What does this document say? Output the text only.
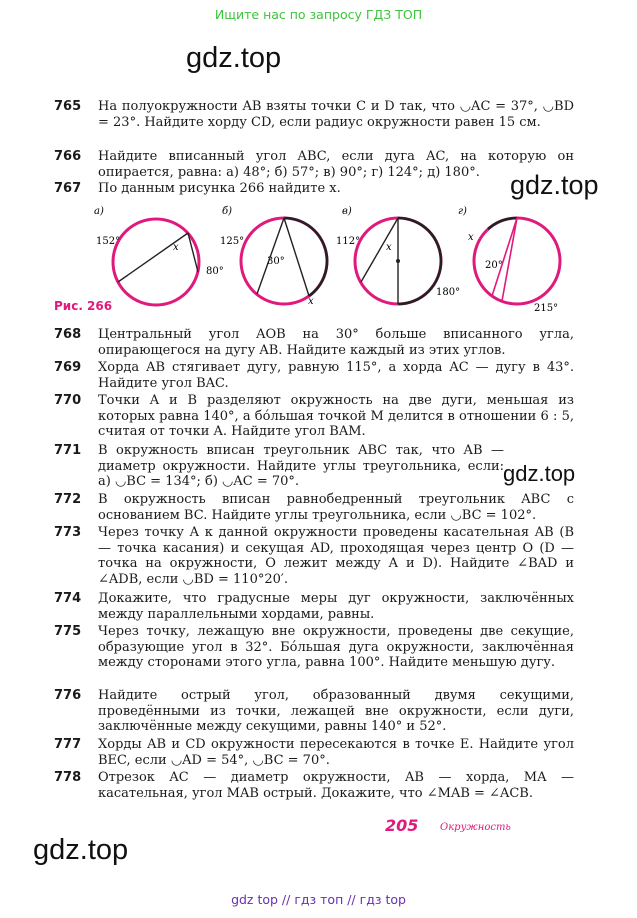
Ищите нас по запросу ГДЗ ТОП
gdz.top
gdz.top
gdz.top
gdz.top
765 На полуокружности AB взяты точки C и D так, что ◡AC = 37°, ◡BD = 23°. Найдите хорду CD, если радиус окружности равен 15 см.
766 Найдите вписанный угол ABC, если дуга AC, на которую он опирается, равна: а) 48°; б) 57°; в) 90°; г) 124°; д) 180°.
767 По данным рисунка 266 найдите x.
а)
152°
x
80°
б)
125°
30°
x
в)
112°
x
180°
г)
x
20°
215°
Рис. 266
768 Центральный угол AOB на 30° больше вписанного угла, опирающегося на дугу AB. Найдите каждый из этих углов.
769 Хорда AB стягивает дугу, равную 115°, а хорда AC — дугу в 43°. Найдите угол BAC.
770 Точки A и B разделяют окружность на две дуги, меньшая из которых равна 140°, а бóльшая точкой M делится в отношении 6 : 5, считая от точки A. Найдите угол BAM.
771 В окружность вписан треугольник ABC так, что AB — диаметр окружности. Найдите углы треугольника, если: а) ◡BC = 134°; б) ◡AC = 70°.
772 В окружность вписан равнобедренный треугольник ABC с основанием BC. Найдите углы треугольника, если ◡BC = 102°.
773 Через точку A к данной окружности проведены касательная AB (B — точка касания) и секущая AD, проходящая через центр O (D — точка на окружности, O лежит между A и D). Найдите ∠BAD и ∠ADB, если ◡BD = 110°20′.
774 Докажите, что градусные меры дуг окружности, заключённых между параллельными хордами, равны.
775 Через точку, лежащую вне окружности, проведены две секущие, образующие угол в 32°. Бóльшая дуга окружности, заключённая между сторонами этого угла, равна 100°. Найдите меньшую дугу.
776 Найдите острый угол, образованный двумя секущими, проведёнными из точки, лежащей вне окружности, если дуги, заключённые между секущими, равны 140° и 52°.
777 Хорды AB и CD окружности пересекаются в точке E. Найдите угол BEC, если ◡AD = 54°, ◡BC = 70°.
778 Отрезок AC — диаметр окружности, AB — хорда, MA — касательная, угол MAB острый. Докажите, что ∠MAB = ∠ACB.
205 Окружность
gdz top // гдз топ // гдз top
